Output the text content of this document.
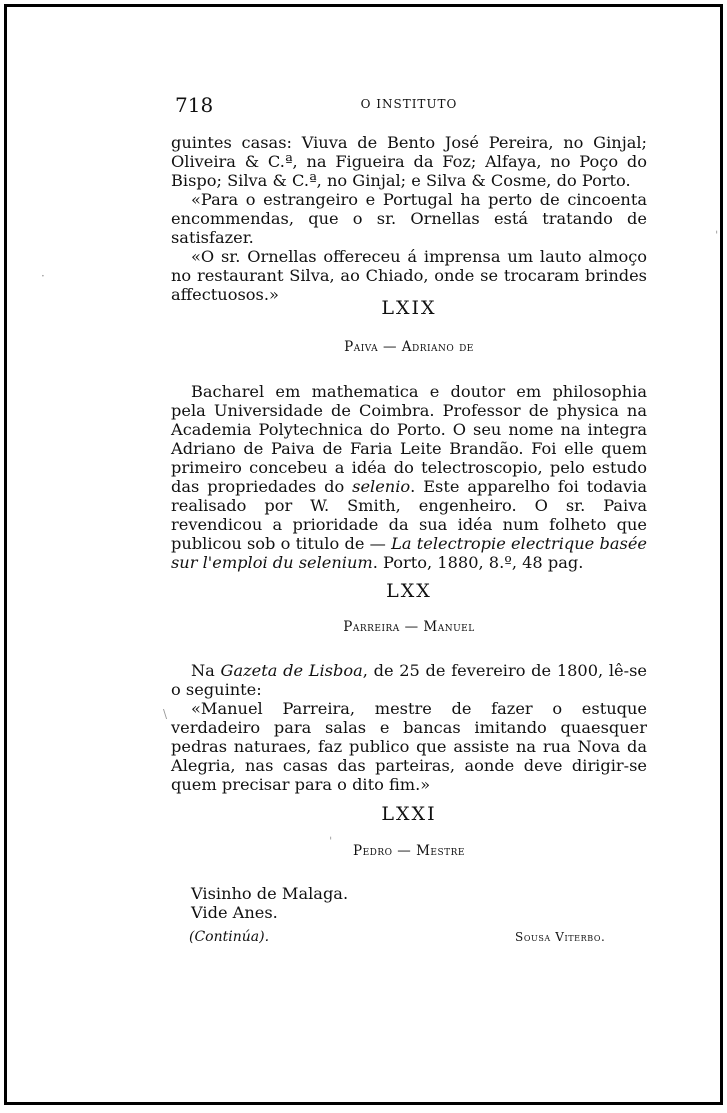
718	O INSTITUTO

guintes casas: Viuva de Bento José Pereira, no Ginjal; Oliveira & C.ª, na Figueira da Foz; Alfaya, no Poço do Bispo; Silva & C.ª, no Ginjal; e Silva & Cosme, do Porto.

«Para o estrangeiro e Portugal ha perto de cincoenta encommendas, que o sr. Ornellas está tratando de satisfazer.

«O sr. Ornellas offereceu á imprensa um lauto almoço no restaurant Silva, ao Chiado, onde se trocaram brindes affectuosos.»

LXIX
Paiva — Adriano de

Bacharel em mathematica e doutor em philosophia pela Universidade de Coimbra. Professor de physica na Academia Polytechnica do Porto. O seu nome na integra Adriano de Paiva de Faria Leite Brandão. Foi elle quem primeiro concebeu a idéa do telectroscopio, pelo estudo das propriedades do selenio. Este apparelho foi todavia realisado por W. Smith, engenheiro. O sr. Paiva revendicou a prioridade da sua idéa num folheto que publicou sob o titulo de — La telectropie electrique basée sur l'emploi du selenium. Porto, 1880, 8.º, 48 pag.

LXX
Parreira — Manuel

Na Gazeta de Lisboa, de 25 de fevereiro de 1800, lê-se o seguinte:

«Manuel Parreira, mestre de fazer o estuque verdadeiro para salas e bancas imitando quaesquer pedras naturaes, faz publico que assiste na rua Nova da Alegria, nas casas das parteiras, aonde deve dirigir-se quem precisar para o dito fim.»

LXXI
Pedro — Mestre

Visinho de Malaga.

Vide Anes.

(Continúa).	Sousa Viterbo.
ˈ
·
\
ˈ
